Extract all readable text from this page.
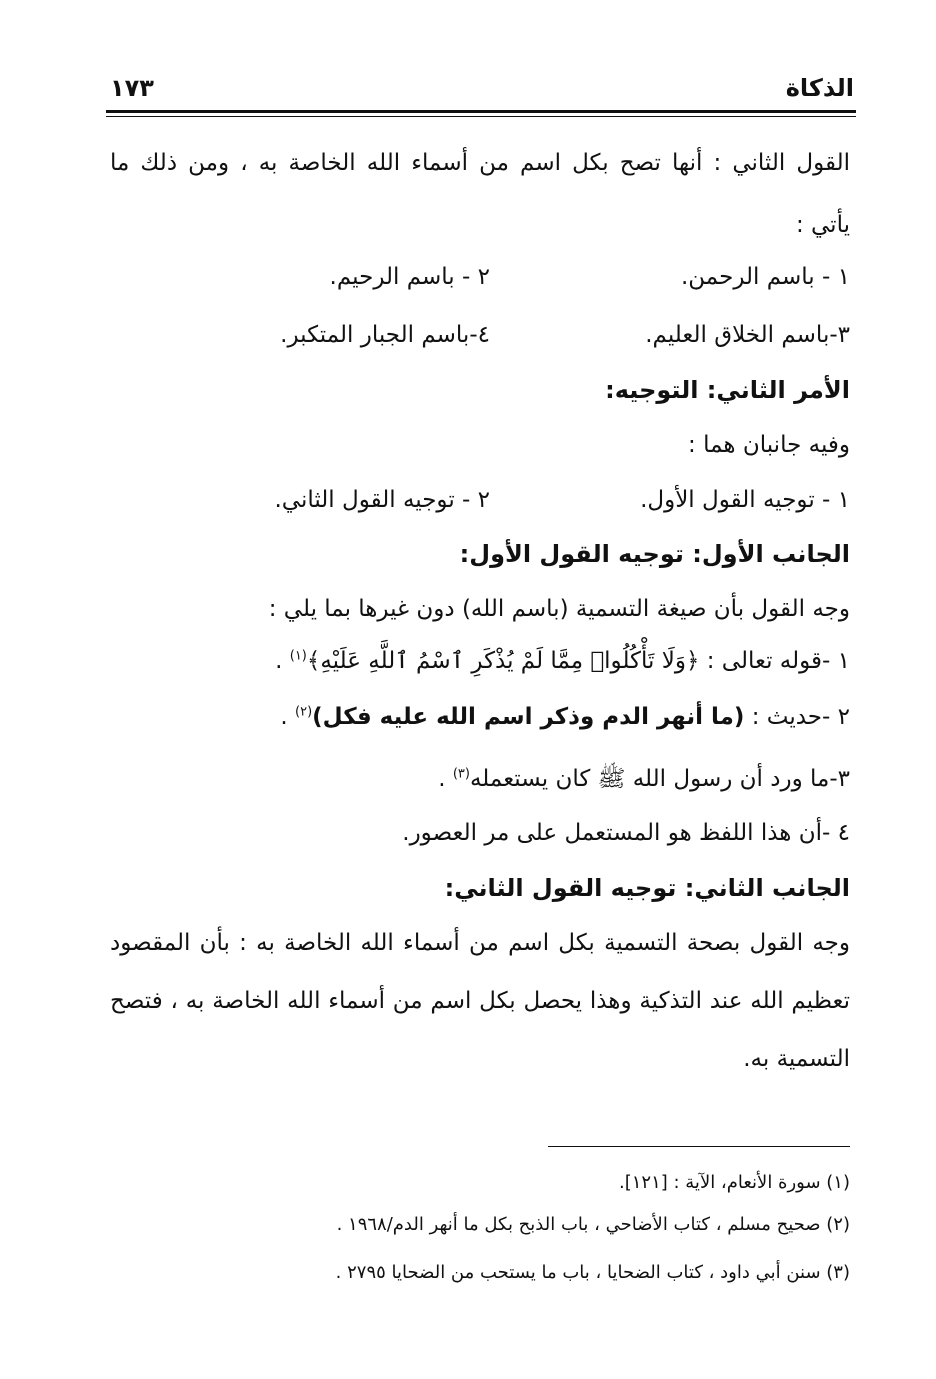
الذكاة
١٧٣
القول الثاني : أنها تصح بكل اسم من أسماء الله الخاصة به ، ومن ذلك ما
يأتي :
١ - باسم الرحمن.
٢ - باسم الرحيم.
٣-باسم الخلاق العليم.
٤-باسم الجبار المتكبر.
الأمر الثاني: التوجيه:
وفيه جانبان هما :
١ - توجيه القول الأول.
٢ - توجيه القول الثاني.
الجانب الأول: توجيه القول الأول:
وجه القول بأن صيغة التسمية (باسم الله) دون غيرها بما يلي :
١ -قوله تعالى : ﴿وَلَا تَأْكُلُوا۟ مِمَّا لَمْ يُذْكَرِ ٱسْمُ ٱللَّهِ عَلَيْهِ﴾$^{(١)}$ .
٢ -حديث : (ما أنهر الدم وذكر اسم الله عليه فكل)$^{(٢)}$ .
٣-ما ورد أن رسول الله ﷺ كان يستعمله$^{(٣)}$ .
٤ -أن هذا اللفظ هو المستعمل على مر العصور.
الجانب الثاني: توجيه القول الثاني:
وجه القول بصحة التسمية بكل اسم من أسماء الله الخاصة به : بأن المقصود
تعظيم الله عند التذكية وهذا يحصل بكل اسم من أسماء الله الخاصة به ، فتصح
التسمية به.
(١) سورة الأنعام، الآية : [١٢١].
(٢) صحيح مسلم ، كتاب الأضاحي ، باب الذبح بكل ما أنهر الدم/١٩٦٨ .
(٣) سنن أبي داود ، كتاب الضحايا ، باب ما يستحب من الضحايا ٢٧٩٥ .
